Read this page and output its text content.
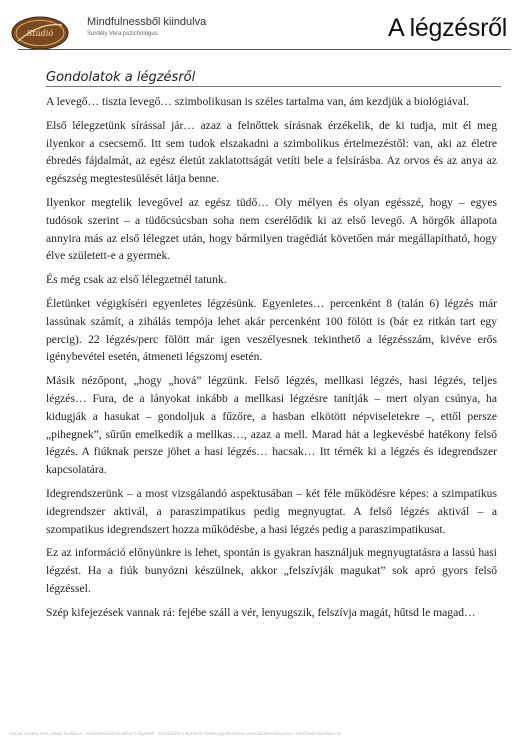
Stúdió
Mindfulnessből kiindulva
Surdély Vera pszichológus	A légzésről
Gondolatok a légzésről

A levegő… tiszta levegő… szimbolikusan is széles tartalma van, ám kezdjük a biológiával.

Első lélegzetünk sírással jár… azaz a felnőttek sírásnak érzékelik, de ki tudja, mit él meg ilyenkor a csecsemő. Itt sem tudok elszakadni a szimbolikus értelmezéstől: van, aki az életre ébredés fájdalmát, az egész életút zaklatottságát vetíti bele a felsírásba. Az orvos és az anya az egészség megtestesülését látja benne.

Ilyenkor megtelik levegővel az egész tüdő… Oly mélyen és olyan egésszé, hogy – egyes tudósok szerint – a tüdőcsúcsban soha nem cserélődik ki az első levegő. A hörgők állapota annyira más az első lélegzet után, hogy bármilyen tragédiát követően már megállapítható, hogy élve született-e a gyermek.

És még csak az első lélegzetnél tatunk.

Életünket végigkíséri egyenletes légzésünk. Egyenletes… percenként 8 (talán 6) légzés már lassúnak számít, a zihálás tempója lehet akár percenként 100 fölött is (bár ez ritkán tart egy percig). 22 légzés/perc fölött már igen veszélyesnek tekinthető a légzésszám, kivéve erős igénybevétel esetén, átmeneti légszomj esetén.

Másik nézőpont, „hogy „hová” légzünk. Felső légzés, mellkasi légzés, hasi légzés, teljes légzés… Fura, de a lányokat inkább a mellkasi légzésre tanítják – mert olyan csúnya, ha kidugják a hasukat – gondoljuk a fűzőre, a hasban elkötött népviseletekre –, ettől persze „pihegnek”, sűrűn emelkedik a mellkas…, azaz a mell. Marad hát a legkevésbé hatékony felső légzés. A fiúknak persze jöhet a hasi légzés… hacsak… Itt térnék ki a légzés és idegrendszer kapcsolatára.

Idegrendszerünk – a most vizsgálandó aspektusában – két féle működésre képes: a szimpatikus idegrendszer aktivál, a paraszimpatikus pedig megnyugtat. A felső légzés aktivál – a szompatikus idegrendszert hozza működésbe, a hasi légzés pedig a paraszimpatikusat.

Ez az információ előnyünkre is lehet, spontán is gyakran használjuk megnyugtatásra a lassú hasi légzést. Ha a fiúk bunyózni készülnek, akkor „felszívják magukat” sok apró gyors felső légzéssel.

Szép kifejezések vannak rá: fejébe száll a vér, lenyugszik, felszívja magát, hűtsd le magad…

Forrás: Surdély Vera, Stúdió Meditáció – Mindfulnessből kiindulva. A légzésről – Gondolatok a légzésről. Minden jog fenntartva. www.studiomeditacio.hu • info@studiomeditacio.hu
